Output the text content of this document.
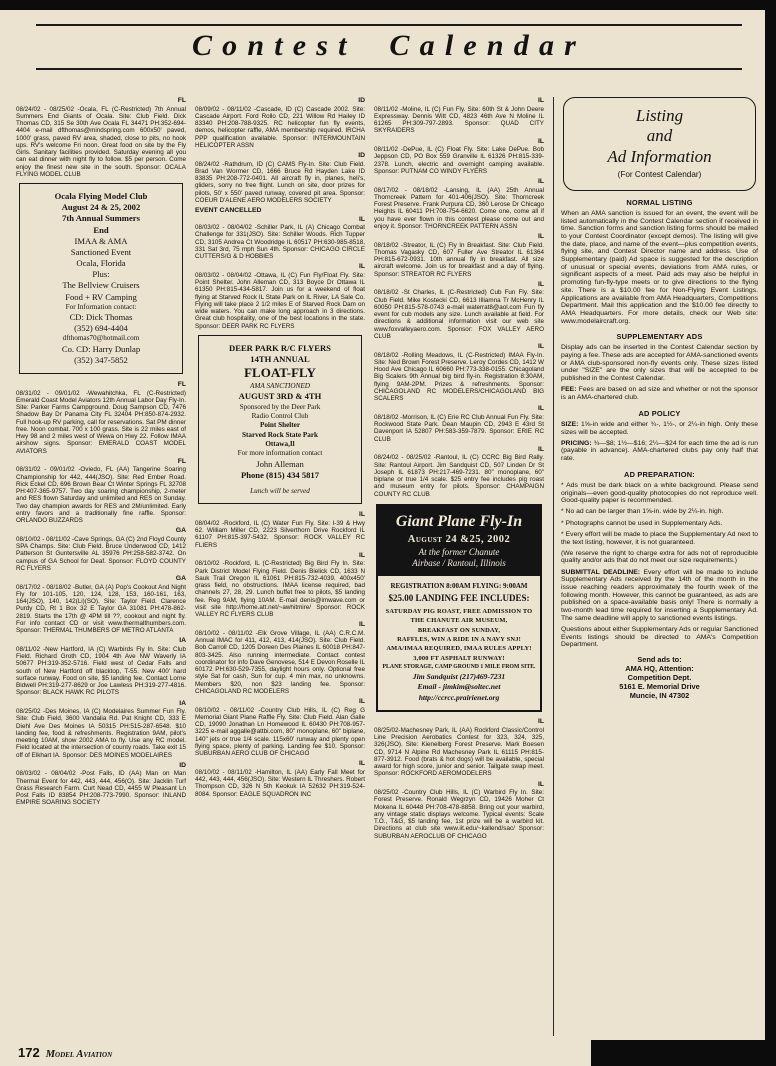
Contest Calendar
FL
08/24/02 - 08/25/02 -Ocala, FL (C-Restricted) 7th Annual Summers End Giants of Ocala. Site: Club Field. Dick Thomas CD, 315 Se 30th Ave Ocala FL 34471 PH:352-694-4404 e-mail dfthomas@mindspring.com 600x50' paved, 1000' grass, paved RV area, shaded, close to pits, no hook ups. RV's welcome Fri noon. Great food on site by the Fly Girls. Sanitary facilities provided. Saturday evening all you can eat dinner with night fly to follow. $5 per person. Come enjoy the finest new site in the south. Sponsor: OCALA FLYING MODEL CLUB
Ocala Flying Model Club
August 24 & 25, 2002
7th Annual Summers
End
IMAA & AMA
Sanctioned Event
Ocala, Florida
Plus:
The Bellview Cruisers
Food + RV Camping
For Information contact:
CD: Dick Thomas
(352) 694-4404
dfthomas70@hotmail.com
Co. CD: Harry Dunlap
(352) 347-5852
FL
08/31/02 - 09/01/02 -Wewahitchka, FL (C-Restricted) Emerald Coast Model Aviators 12th Annual Labor Day Fly-In. Site: Parker Farms Campground. Doug Sampson CD, 7476 Shadow Bay Dr Panama City FL 32404 PH:850-874-2932. Full hook-up RV parking, call for reservations. Sat PM dinner free. Noon combat. 700 x 100 grass. Site is 22 miles east of Hwy 98 and 2 miles west of Wewa on Hwy 22. Follow IMAA airshow signs. Sponsor: EMERALD COAST MODEL AVIATORS
FL
08/31/02 - 09/01/02 -Oviedo, FL (AA) Tangerine Soaring Championship for 442, 444(JSO). Site: Red Ember Road. Rick Eckel CD, 696 Brown Bear Ct Winter Springs FL 32708 PH:407-365-9757. Two day soaring championship, 2-meter and RES flown Saturday and unlimited and RES on Sunday. Two day champion awards for RES and 2M/unlimited. Early entry favors and a traditionally fine raffle. Sponsor: ORLANDO BUZZARDS
GA
08/10/02 - 08/11/02 -Cave Springs, GA (C) 2nd Floyd County SPA Champs. Site: Club Field. Bruce Underwood CD, 1412 Patterson St Guntersville AL 35976 PH:258-582-3742. On campus of GA School for Deaf. Sponsor: FLOYD COUNTY RC FLYERS
GA
08/17/02 - 08/18/02 -Butler, GA (A) Pop's Cookout And Night Fly for 101-105, 120, 124, 128, 153, 160-161, 163, 164(JSO), 140, 142(Li)(SO). Site: Taylor Field. Clarence Purdy CD, Rt 1 Box 32 E Taylor GA 31081 PH:478-862-2819. Starts the 17th @ 4PM till ??, cookout and night fly. For info contact CD or visit www.thermalthumbers.com. Sponsor: THERMAL THUMBERS OF METRO ATLANTA
IA
08/11/02 -New Hartford, IA (C) Warbirds Fly In. Site: Club Field. Richard Groth CD, 1904 4th Ave NW Waverly IA 50677 PH:319-352-5716. Field west of Cedar Falls and south of New Hartford off blacktop, T-55. New 400' hard surface runway. Food on site, $5 landing fee. Contact Lorne Bidwell PH:319-277-8629 or Joe Lawless PH:319-277-4816. Sponsor: BLACK HAWK RC PILOTS
IA
08/25/02 -Des Moines, IA (C) Modelaires Summer Fun Fly. Site: Club Field, 3600 Vandalia Rd. Pat Knight CD, 333 E Diehl Ave Des Moines IA 50315 PH:515-287-6548. $10 landing fee, food & refreshments. Registration 9AM, pilot's meeting 10AM, show 2002 AMA to fly. Use any RC model. Field located at the intersection of county roads. Take exit 15 off of Elkhart IA. Sponsor: DES MOINES MODELAIRES
ID
08/03/02 - 08/04/02 -Post Falls, ID (AA) Man on Man Thermal Event for 442, 443, 444, 456(O). Site: Jacklin Turf Grass Research Farm. Curt Nead CD, 4455 W Pleasant Ln Post Falls ID 83854 PH:208-773-7990. Sponsor: INLAND EMPIRE SOARING SOCIETY
ID
08/09/02 - 08/11/02 -Cascade, ID (C) Cascade 2002. Site: Cascade Airport. Ford Rollo CD, 221 Willow Rd Hailey ID 83340 PH:208-788-9325. RC helicopter fun fly events, demos, helicopter raffle, AMA membership required. IRCHA PPP qualification available. Sponsor: INTERMOUNTAIN HELICOPTER ASSN
ID
08/24/02 -Rathdrum, ID (C) CAMS Fly-In. Site: Club Field. Brad Van Wormer CD, 1666 Bruce Rd Hayden Lake ID 83835 PH:208-772-0401. All aircraft fly in, planes, heli's, gliders, sorry no free flight. Lunch on site, door prizes for pilots, 50' x 550' paved runway, covered pit area. Sponsor: COEUR D'ALENE AERO MODELERS SOCIETY
EVENT CANCELLED
IL
08/03/02 - 08/04/02 -Schiller Park, IL (A) Chicago Combat Challenge for 331(JSO). Site: Schiller Woods. Rich Tupper CD, 3105 Andrea Ct Woodridge IL 60517 PH:630-985-8518, 331 Sat 3rd, 75 mph Sun 4th. Sponsor: CHICAGO CIRCLE CUTTERS/G & D HOBBIES
IL
08/03/02 - 08/04/02 -Ottawa, IL (C) Fun Fly/Float Fly. Site: Point Shelter. John Alleman CD, 313 Boyce Dr Ottawa IL 61350 PH:815-434-5817. Join us for a weekend of float flying at Starved Rock IL State Park on IL River, LA Sale Co. Flying will take place 2 1/2 miles E of Starved Rock Dam on wide waters. You can make long approach in 3 directions. Great club hospitality, one of the best locations in the state. Sponsor: DEER PARK RC FLYERS
DEER PARK R/C FLYERS
14TH ANNUAL
FLOAT-FLY
AMA SANCTIONED
AUGUST 3RD & 4TH
Sponsored by the Deer Park
Radio Control Club
Point Shelter
Starved Rock State Park
Ottawa,Il
For more information contact
John Alleman
Phone (815) 434 5817
Lunch will be served
IL
08/04/02 -Rockford, IL (C) Water Fun Fly. Site: I-39 & Hwy 62. William Miller CD, 2223 Silverthorn Drive Rockford IL 61107 PH:815-397-5432. Sponsor: ROCK VALLEY RC FLIERS
IL
08/10/02 -Rockford, IL (C-Restricted) Big Bird Fly In. Site: Park District Model Flying Field. Denis Bielick CD, 1633 N Sauk Trail Oregon IL 61061 PH:815-732-4039. 400x450' grass field, no obstructions. IMAA license required, bad channels 27, 28, 29. Lunch buffet free to pilots, $5 landing fee. Reg 9AM, flying 10AM. E-mail denis@imwave.com or visit site http://home.att.net/~awhitmire/ Sponsor: ROCK VALLEY RC FLYERS CLUB
IL
08/10/02 - 08/11/02 -Elk Grove Village, IL (AA) C.R.C.M. Annual IMAC for 411, 412, 413, 414(JSO). Site: Club Field. Bob Carroll CD, 1205 Doreen Des Plaines IL 60018 PH:847-803-3425. Also running intermediate. Contact contest coordinator for info Dave Genovese, 514 E Devon Roselle IL 60172 PH:630-529-7355, daylight hours only. Optional free style Sat for cash, Sun for cup. 4 min max, no unknowns. Members $20, non $23 landing fee. Sponsor: CHICAGOLAND RC MODELERS
IL
08/10/02 - 08/11/02 -Country Club Hills, IL (C) Reg G Memorial Giant Plane Raffle Fly. Site: Club Field. Alan Galle CD, 19090 Jonathan Ln Homewood IL 60430 PH:708-957-3225 e-mail aggalle@attbi.com, 80" monoplane, 60" biplane, 140" jets or true 1/4 scale. 115x60' runway and plenty open flying space, plenty of parking. Landing fee $10. Sponsor: SUBURBAN AERO CLUB OF CHICAGO
IL
08/10/02 - 08/11/02 -Hamilton, IL (AA) Early Fall Meet for 442, 443, 444, 456(JSO). Site: Western IL Threshers. Robert Thompson CD, 326 N 5th Keokuk IA 52632 PH:319-524-8084. Sponsor: EAGLE SQUADRON INC
IL
08/11/02 -Moline, IL (C) Fun Fly. Site: 60th St & John Deere Expressway. Dennis Witt CD, 4823 46th Ave N Moline IL 61265 PH:309-797-2893. Sponsor: QUAD CITY SKYRAIDERS
IL
08/11/02 -DePue, IL (C) Float Fly. Site: Lake DePue. Bob Jeppson CD, PO Box 559 Granville IL 61326 PH:815-339-2378. Lunch, electric and overnight camping available. Sponsor: PUTNAM CO WINDY FLYERS
IL
08/17/02 - 08/18/02 -Lansing, IL (AA) 25th Annual Thorncreek Pattern for 401-406(JSO). Site: Thorncreek Forest Preserve. Frank Purpura CD, 360 Lerose Dr Chicago Heights IL 60411 PH:708-754-6620. Come one, come all if you have ever flown in this contest please come out and enjoy it. Sponsor: THORNCREEK PATTERN ASSN
IL
08/18/02 -Streator, IL (C) Fly In Breakfast. Site: Club Field. Thomas Vagasky CD, 607 Fuller Ave Streator IL 61364 PH:815-672-0931. 10th annual fly in breakfast. All size aircraft welcome. Join us for breakfast and a day of flying. Sponsor: STREATOR RC FLYERS
IL
08/18/02 -St Charles, IL (C-Restricted) Cub Fun Fly. Site: Club Field. Mike Kostecki CD, 6613 Illiamna Tr McHenry IL 60050 PH:815-578-0743 e-mail waterrat8@aol.com Fun fly event for cub models any size. Lunch available at field. For directions & additional information visit our web site www.foxvalleyaero.com. Sponsor: FOX VALLEY AERO CLUB
IL
08/18/02 -Rolling Meadows, IL (C-Restricted) IMAA Fly-In. Site: Ned Brown Forest Preserve. Leroy Cordes CD, 1412 W Hood Ave Chicago IL 60660 PH:773-338-0155. Chicagoland Big Scalers 9th Annual big bird fly-in. Registration 8:30AM, flying 9AM-2PM. Prizes & refreshments. Sponsor: CHICAGOLAND RC MODELERS/CHICAGOLAND BIG SCALERS
IL
08/18/02 -Morrison, IL (C) Erie RC Club Annual Fun Fly. Site: Rockwood State Park. Dean Maupin CD, 2943 E 43rd St Davenport IA 52807 PH:583-359-7879. Sponsor: ERIE RC CLUB
IL
08/24/02 - 08/25/02 -Rantoul, IL (C) CCRC Big Bird Rally. Site: Rantoul Airport. Jim Sandquist CD, 507 Linden Dr St Joseph IL 61873 PH:217-469-7231. 80" monoplane, 60" biplane or true 1/4 scale. $25 entry fee includes pig roast and museum entry for pilots. Sponsor: CHAMPAIGN COUNTY RC CLUB
Giant Plane Fly-In
August 24 &25, 2002
At the former Chanute
Airbase / Rantoul, Illinois
REGISTRATION 8:00AM FLYING: 9:00AM
$25.00 LANDING FEE INCLUDES:
SATURDAY PIG ROAST, FREE ADMISSION TO
THE CHANUTE AIR MUSEUM,
BREAKFAST ON SUNDAY,
RAFFLES, WIN A RIDE IN A NAVY SNJ!
AMA/IMAA REQUIRED, IMAA RULES APPLY!
3,000 FT ASPHALT RUNWAY!
PLANE STORAGE, CAMP GROUND 1 MILE FROM SITE.
Jim Sandquist (217)469-7231
Email - jimkim@soltec.net
http://ccrcc.prairienet.org
IL
08/25/02-Machesney Park, IL (AA) Rockford Classic/Control Line Precision Aerobatics Contest for 323, 324, 325, 326(JSO). Site: Kienelberg Forest Preserve. Mark Boesen CD, 9714 N Alpine Rd Machesney Park IL 61115 PH:815-877-3912. Food (brats & hot dogs) will be available, special award for high score, junior and senior. Tailgate swap meet. Sponsor: ROCKFORD AEROMODELERS
IL
08/25/02 -Country Club Hills, IL (C) Warbird Fly In. Site: Forest Preserve. Ronald Wegrzyn CD, 19426 Moher Ct Mokena IL 60448 PH:708-478-8858. Bring out your warbird, any vintage static displays welcome. Typical events: Scale T.O., T&G, $5 landing fee, 1st prize will be a warbird kit. Directions at club site www.iit.edu/~kallend/sac/ Sponsor: SUBURBAN AEROCLUB OF CHICAGO
Listing
and
Ad Information
(For Contest Calendar)
NORMAL LISTING
When an AMA sanction is issued for an event, the event will be listed automatically in the Contest Calendar section if received in time. Sanction forms and sanction listing forms should be mailed to your Contest Coordinator (except demos). The listing will give the date, place, and name of the event—plus competition events, flying site, and Contest Director name and address. Use of Supplementary (paid) Ad space is suggested for the description of unusual or special events, deviations from AMA rules, or significant aspects of a meet. Paid ads may also be helpful in promoting fun-fly-type meets or to give directions to the flying site. There is a $10.00 fee for Non-Flying Event Listings. Applications are available from AMA Headquarters, Competitions Department. Mail this application and the $10.00 fee directly to AMA Headquarters. For more details, check our Web site: www.modelaircraft.org.
SUPPLEMENTARY ADS
Display ads can be inserted in the Contest Calendar section by paying a fee. These ads are accepted for AMA-sanctioned events or AMA club-sponsored non-fly events only. These sizes listed under "SIZE" are the only sizes that will be accepted to be published in the Contest Calendar.
FEE: Fees are based on ad size and whether or not the sponsor is an AMA-chartered club.
AD POLICY
SIZE: 1⅝-in wide and either ¾-, 1½-, or 2¼-in high. Only these sizes will be accepted.
PRICING: ¾—$8; 1½—$16; 2¼—$24 for each time the ad is run (payable in advance). AMA-chartered clubs pay only half that rate.
AD PREPARATION:
* Ads must be dark black on a white background. Please send originals—even good-quality photocopies do not reproduce well. Good-quality paper is recommended.
* No ad can be larger than 1⅝-in. wide by 2¼-in. high.
* Photographs cannot be used in Supplementary Ads.
* Every effort will be made to place the Supplementary Ad next to the text listing, however, it is not guaranteed.
(We reserve the right to charge extra for ads not of reproducible quality and/or ads that do not meet our size requirements.)
SUBMITTAL DEADLINE: Every effort will be made to include Supplementary Ads received by the 14th of the month in the issue reaching readers approximately the fourth week of the following month. However, this cannot be guaranteed, as ads are published on a space-available basis only! There is normally a two-month lead time required for inserting a Supplementary Ad. The same deadline will apply to sanctioned events listings.
Questions about either Supplementary Ads or regular Sanctioned Events listings should be directed to AMA's Competition Department.
Send ads to:
AMA HQ, Attention:
Competition Dept.
5161 E. Memorial Drive
Muncie, IN 47302
172 Model Aviation
